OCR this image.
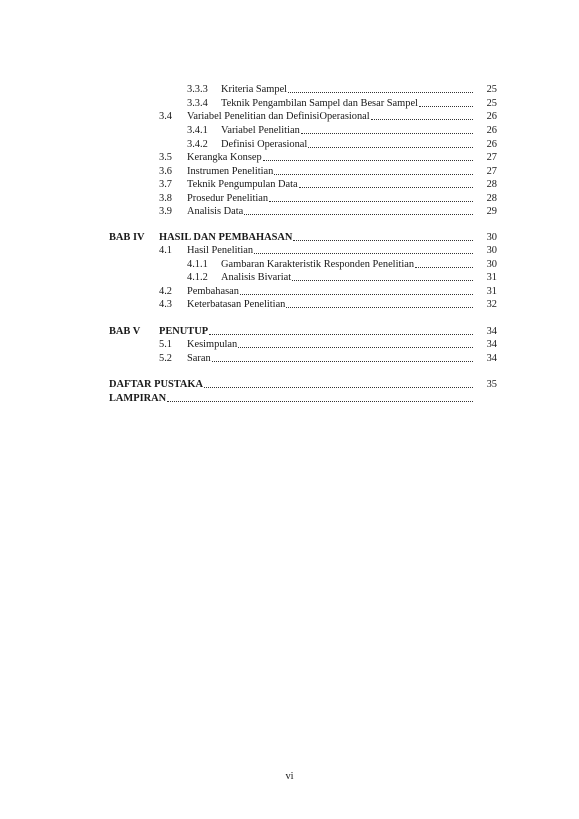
3.3.3 Kriteria Sampel	25
3.3.4 Teknik Pengambilan Sampel dan Besar Sampel	25
3.4 Variabel Penelitian dan DefinisiOperasional	26
3.4.1 Variabel Penelitian	26
3.4.2 Definisi Operasional	26
3.5 Kerangka Konsep	27
3.6 Instrumen Penelitian	27
3.7 Teknik Pengumpulan Data	28
3.8 Prosedur Penelitian	28
3.9 Analisis Data	29
BAB IV HASIL DAN PEMBAHASAN	30
4.1 Hasil Penelitian	30
4.1.1 Gambaran Karakteristik Responden Penelitian	30
4.1.2 Analisis Bivariat	31
4.2 Pembahasan	31
4.3 Keterbatasan Penelitian	32
BAB V PENUTUP	34
5.1 Kesimpulan	34
5.2 Saran	34
DAFTAR PUSTAKA	35
LAMPIRAN
vi
